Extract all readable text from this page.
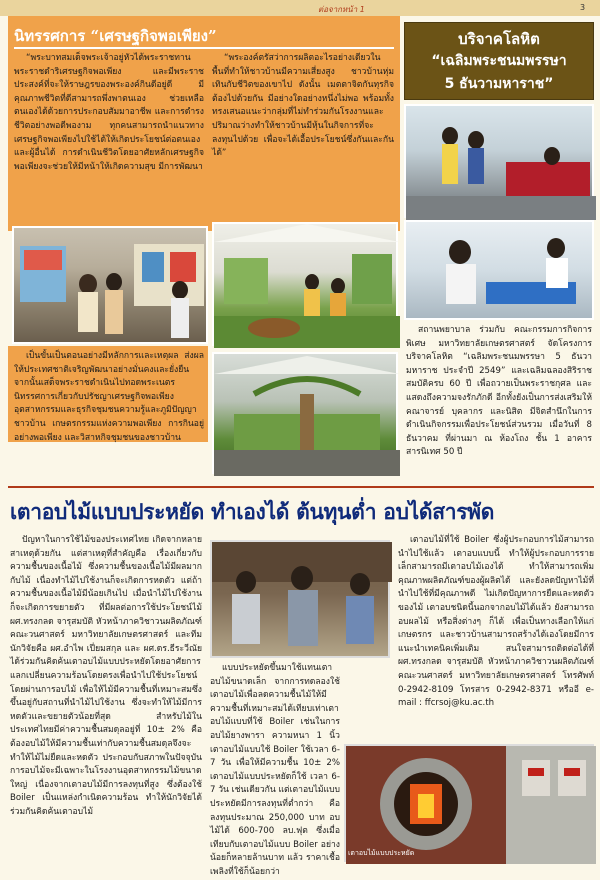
ต่อจากหน้า 1	3
นิทรรศการ “เศรษฐกิจพอเพียง”

“พระบาทสมเด็จพระเจ้าอยู่หัวได้พระราชทานพระราชดำริเศรษฐกิจพอเพียง และมีพระราชประสงค์ที่จะให้ราษฎรของพระองค์กินดีอยู่ดี มีคุณภาพชีวิตที่ดีสามารถพึ่งพาตนเอง ช่วยเหลือตนเองได้ด้วยการประกอบสัมมาอาชีพ และการดำรงชีวิตอย่างพอดีพองาม ทุกคนสามารถนำแนวทางเศรษฐกิจพอเพียงไปใช้ได้ให้เกิดประโยชน์ต่อตนเองและผู้อื่นได้ การดำเนินชีวิตโดยอาศัยหลักเศรษฐกิจพอเพียงจะช่วยให้มีหน้าให้เกิดความสุข มีการพัฒนา

“พระองค์ตรัสว่าการผลิตอะไรอย่างเดียวในพื้นที่ทำให้ชาวบ้านมีความเสี่ยงสูง ชาวบ้านหุ่มเทินกับชีวิตของเขาไป ดังนั้น เมตตาจิตกันทุรกิจต้องไปด้วยกัน มีอย่างใดอย่างหนึ่งไม่พอ พร้อมทั้งทรงเสนอแนะว่ากลุ่มที่ไม่ทำร่วมกันโรงงานและปริมาณว่างทำให้ชาวบ้านมีหุ้นในกิจการที่จะลงทุนไปด้วย เพื่อจะได้เอื้อประโยชน์ซึ่งกันและกันได้”

เป็นขั้นเป็นตอนอย่างมีหลักการและเหตุผล ส่งผลให้ประเทศชาติเจริญพัฒนาอย่างมั่นคงและยั่งยืน จากนั้นเสด็จพระราชดำเนินไปทอดพระเนตรนิทรรศการเกี่ยวกับปรัชญาเศรษฐกิจพอเพียง อุตสาหกรรมและธุรกิจชุมชนความรู้และภูมิปัญญาชาวบ้าน เกษตรกรรมแห่งความพอเพียง การกินอยู่อย่างพอเพียง และวิสาหกิจชุมชนของชาวบ้าน

บริจาคโลหิต
“เฉลิมพระชนมพรรษา
5 ธันวามหาราช”

สถานพยาบาล ร่วมกับ คณะกรรมการกิจการพิเศษ มหาวิทยาลัยเกษตรศาสตร์ จัดโครงการบริจาคโลหิต “เฉลิมพระชนมพรรษา 5 ธันวามหาราช ประจำปี 2549” และเฉลิมฉลองสิริราชสมบัติครบ 60 ปี เพื่อถวายเป็นพระราชกุศล และแสดงถึงความจงรักภักดี อีกทั้งยังเป็นการส่งเสริมให้คณาจารย์ บุคลากร และนิสิต มีจิตสำนึกในการดำเนินกิจกรรมเพื่อประโยชน์ส่วนรวม เมื่อวันที่ 8 ธันวาคม ที่ผ่านมา ณ ห้องโถง ชั้น 1 อาคารสารนิเทศ 50 ปี

เตาอบไม้แบบประหยัด ทำเองได้ ต้นทุนต่ำ อบได้สารพัด

ปัญหาในการใช้ไม้ของประเทศไทย เกิดจากหลายสาเหตุด้วยกัน แต่สาเหตุที่สำคัญคือ เรื่องเกี่ยวกับความชื้นของเนื้อไม้ ซึ่งความชื้นของเนื้อไม้มีผลมากกับไม้ เนื่องทำไม้ไปใช้งานก็จะเกิดการหดตัว แต่ถ้าความชื้นของเนื้อไม้มีน้อยเกินไป เมื่อนำไม้ไปใช้งานก็จะเกิดการขยายตัว ที่มีผลต่อการใช้ประโยชน์ไม้ ผศ.ทรงกลด จารุสมบัติ หัวหน้าภาควิชาวนผลิตภัณฑ์ คณะวนศาสตร์ มหาวิทยาลัยเกษตรศาสตร์ และทีมนักวิจัยคือ ผศ.อำไพ เปี่ยมสกุล และ ผศ.ดร.ธีระวีณัย ได้ร่วมกันคิดค้นเตาอบไม้แบบประหยัดโดยอาศัยการแลกเปลี่ยนความร้อนโดยตรงเพื่อนำไปใช้ประโยชน์โดยผ่านการอบไม้ เพื่อให้ไม้มีความชื้นที่เหมาะสมซึ่งขึ้นอยู่กับสถานที่นำไม้ไปใช้งาน ซึ่งจะทำให้ไม้มีการหดตัวและขยายตัวน้อยที่สุด สำหรับไม้ในประเทศไทยมีค่าความชื้นสมดุลอยู่ที่ 10± 2% คือต้องอบไม้ให้มีความชื้นเท่ากับความชื้นสมดุลจึงจะทำให้ไม้ไม่ยืดและหดตัว ประกอบกับสภาพในปัจจุบันการอบไม้จะมีเฉพาะในโรงงานอุตสาหกรรมไม้ขนาดใหญ่ เนื่องจากเตาอบไม้มีการลงทุนที่สูง ซึ่งต้องใช้ Boiler เป็นแหล่งกำเนิดความร้อน ทำให้นักวิจัยได้ร่วมกันคิดค้นเตาอบไม้

แบบประหยัดขึ้นมาใช้แทนเตาอบไม้ขนาดเล็ก จากการทดลองใช้เตาอบไม้เพื่อลดความชื้นไม้ให้มีความชื้นที่เหมาะสมได้เทียบเท่าเตาอบไม้แบบที่ใช้ Boiler เช่นในการอบไม้ยางพารา ความหนา 1 นิ้ว เตาอบไม้แบบใช้ Boiler ใช้เวลา 6-7 วัน เพื่อให้มีความชื้น 10± 2% เตาอบไม้แบบประหยัดก็ใช้ เวลา 6-7 วัน เช่นเดียวกัน แต่เตาอบไม้แบบประหยัดมีการลงทุนที่ต่ำกว่า คือลงทุนประมาณ 250,000 บาท อบไม้ได้ 600-700 ลบ.ฟุต ซึ่งเมื่อเทียบกับเตาอบไม้แบบ Boiler อย่างน้อยก็หลายล้านบาท แล้ว ราคาเชื้อเพลิงที่ใช้ก็น้อยกว่า

เตาอบไม้ที่ใช้ Boiler ซึ่งผู้ประกอบการไม้สามารถนำไปใช้แล้ว เตาอบแบบนี้ ทำให้ผู้ประกอบการรายเล็กสามารถมีเตาอบไม้เองได้ ทำให้สามารถเพิ่มคุณภาพผลิตภัณฑ์ของผู้ผลิตได้ และยังลดปัญหาไม้ที่นำไปใช้ที่มีคุณภาพดี ไม่เกิดปัญหาการยืดและหดตัวของไม้ เตาอบชนิดนี้นอกจากอบไม้ได้แล้ว ยังสามารถอบผลไม้ หรือสิ่งต่างๆ ก็ได้ เพื่อเป็นทางเลือกให้แก่เกษตรกร และชาวบ้านสามารถสร้างได้เองโดยมีการแนะนำเทคนิคเพิ่มเติม สนใจสามารถติดต่อได้ที่ ผศ.ทรงกลด จารุสมบัติ หัวหน้าภาควิชาวนผลิตภัณฑ์ คณะวนศาสตร์ มหาวิทยาลัยเกษตรศาสตร์ โทรศัพท์ 0-2942-8109 โทรสาร 0-2942-8371 หรืออี e-mail : ffcrsoj@ku.ac.th

เตาอบไม้แบบประหยัด
